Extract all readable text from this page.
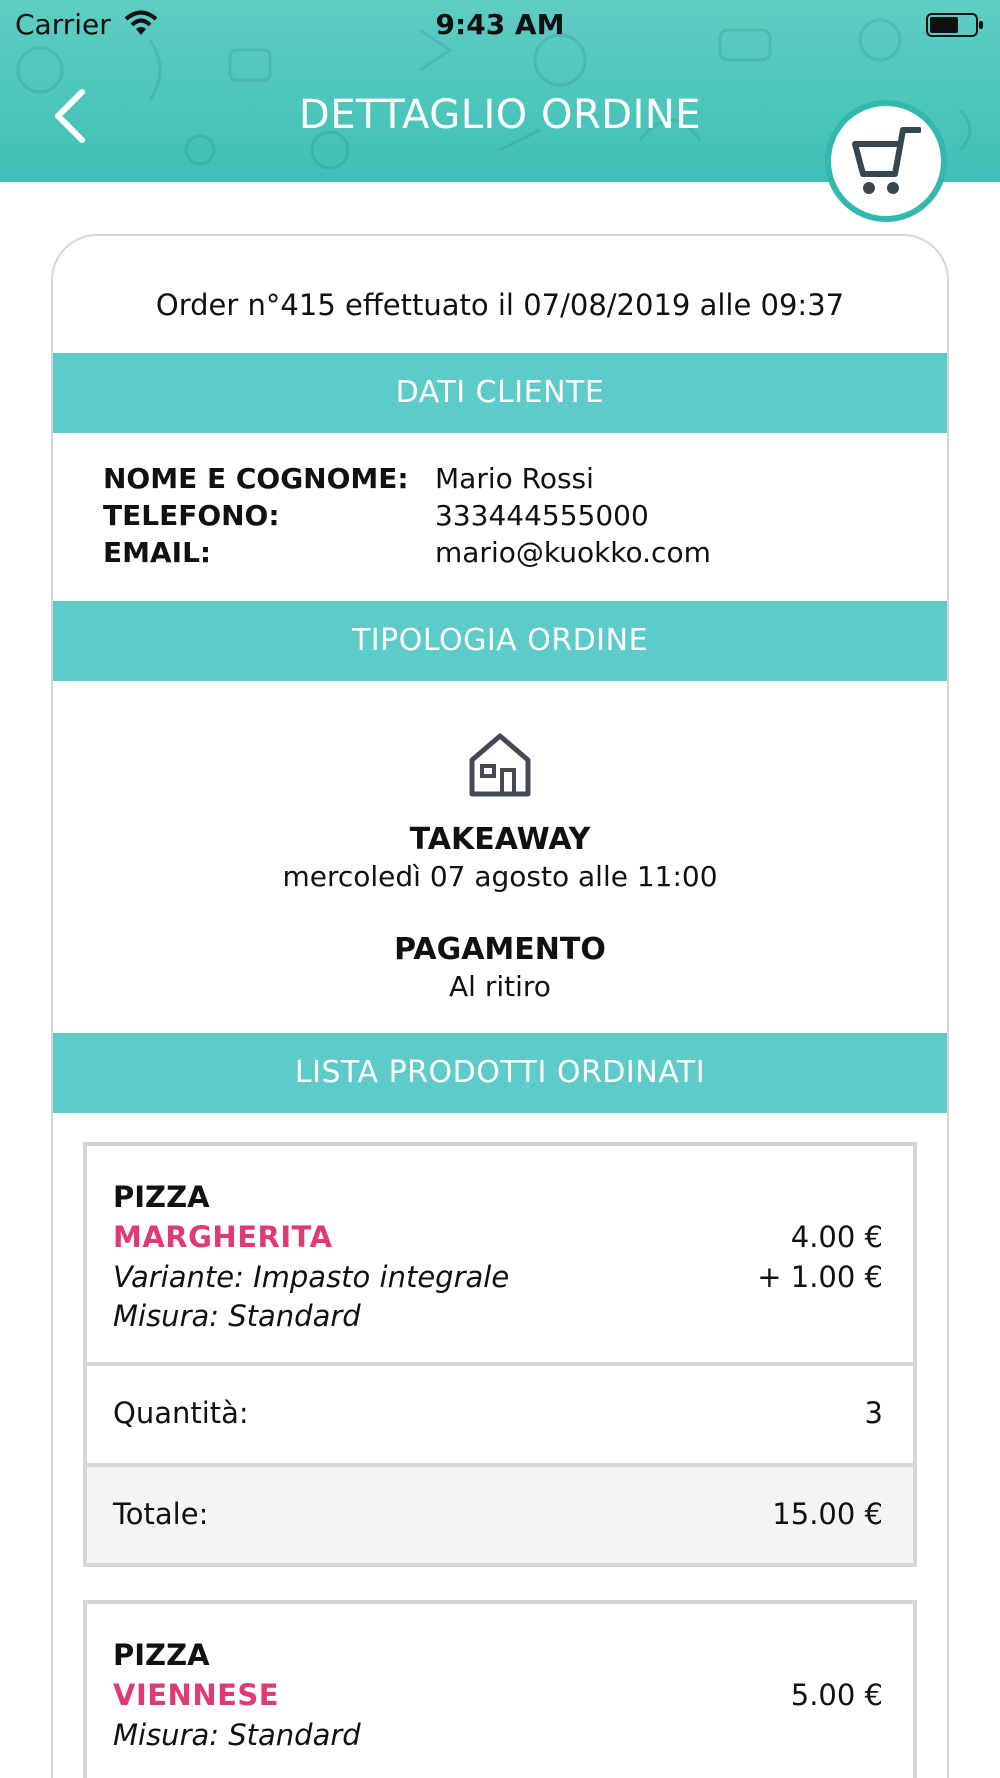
Carrier	9:43 AM
DETTAGLIO ORDINE
Order n°415 effettuato il 07/08/2019 alle 09:37
DATI CLIENTE
NOME E COGNOME: Mario Rossi
TELEFONO:	333444555000
EMAIL:	mario@kuokko.com
TIPOLOGIA ORDINE
TAKEAWAY
mercoledì 07 agosto alle 11:00
PAGAMENTO
Al ritiro
LISTA PRODOTTI ORDINATI
PIZZA
MARGHERITA	4.00 €
Variante: Impasto integrale	+ 1.00 €
Misura: Standard
Quantità:	3
Totale:	15.00 €
PIZZA
VIENNESE	5.00 €
Misura: Standard
